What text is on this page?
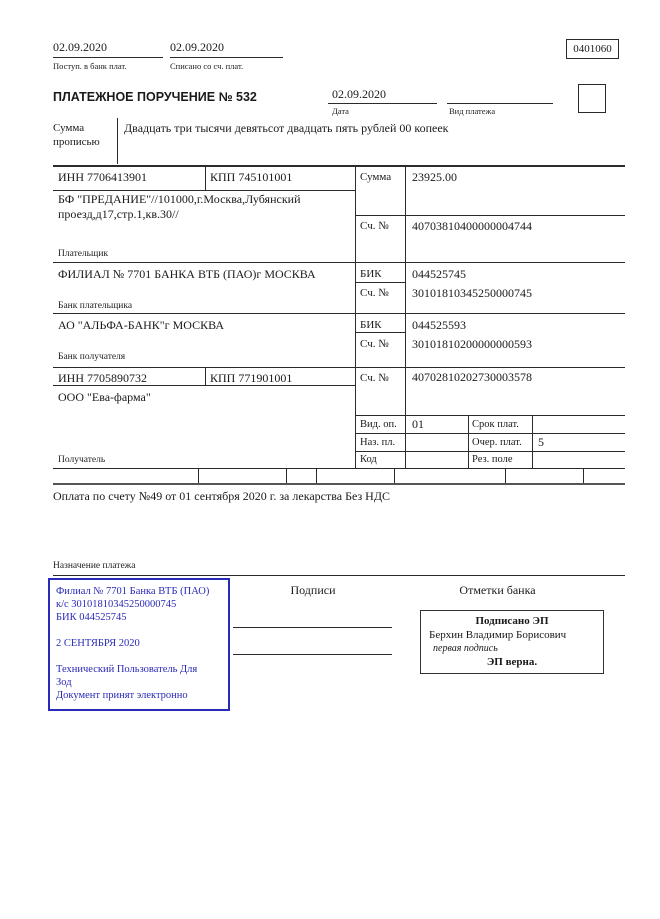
02.09.2020
Поступ. в банк плат.
02.09.2020
Списано со сч. плат.
0401060
ПЛАТЕЖНОЕ ПОРУЧЕНИЕ № 532	02.09.2020
Дата	Вид платежа
Сумма
прописью
Двадцать три тысячи девятьсот двадцать пять рублей 00 копеек
ИНН 7706413901	КПП 745101001	Сумма 23925.00
БФ "ПРЕДАНИЕ"//101000,г.Москва,Лубянский
проезд,д17,стр.1,кв.30//
Сч. № 40703810400000004744
Плательщик
ФИЛИАЛ № 7701 БАНКА ВТБ (ПАО)г МОСКВА	БИК	044525745
Сч. № 30101810345250000745
Банк плательщика
АО "АЛЬФА-БАНК"г МОСКВА	БИК	044525593
Сч. № 30101810200000000593
Банк получателя
ИНН 7705890732	КПП 771901001	Сч. № 40702810202730003578
ООО "Ева-фарма"
Получатель
Вид. оп. 01	Срок плат.
Наз. пл.	Очер. плат. 5
Код	Рез. поле
Оплата по счету №49 от 01 сентября 2020 г. за лекарства Без НДС
Назначение платежа
Подписи	Отметки банка
Филиал № 7701 Банка ВТБ (ПАО)
к/с 30101810345250000745
БИК 044525745
2 СЕНТЯБРЯ 2020
Технический Пользователь Для
Зод
Документ принят электронно
Подписано ЭП
Берхин Владимир Борисович
первая подпись
ЭП верна.
